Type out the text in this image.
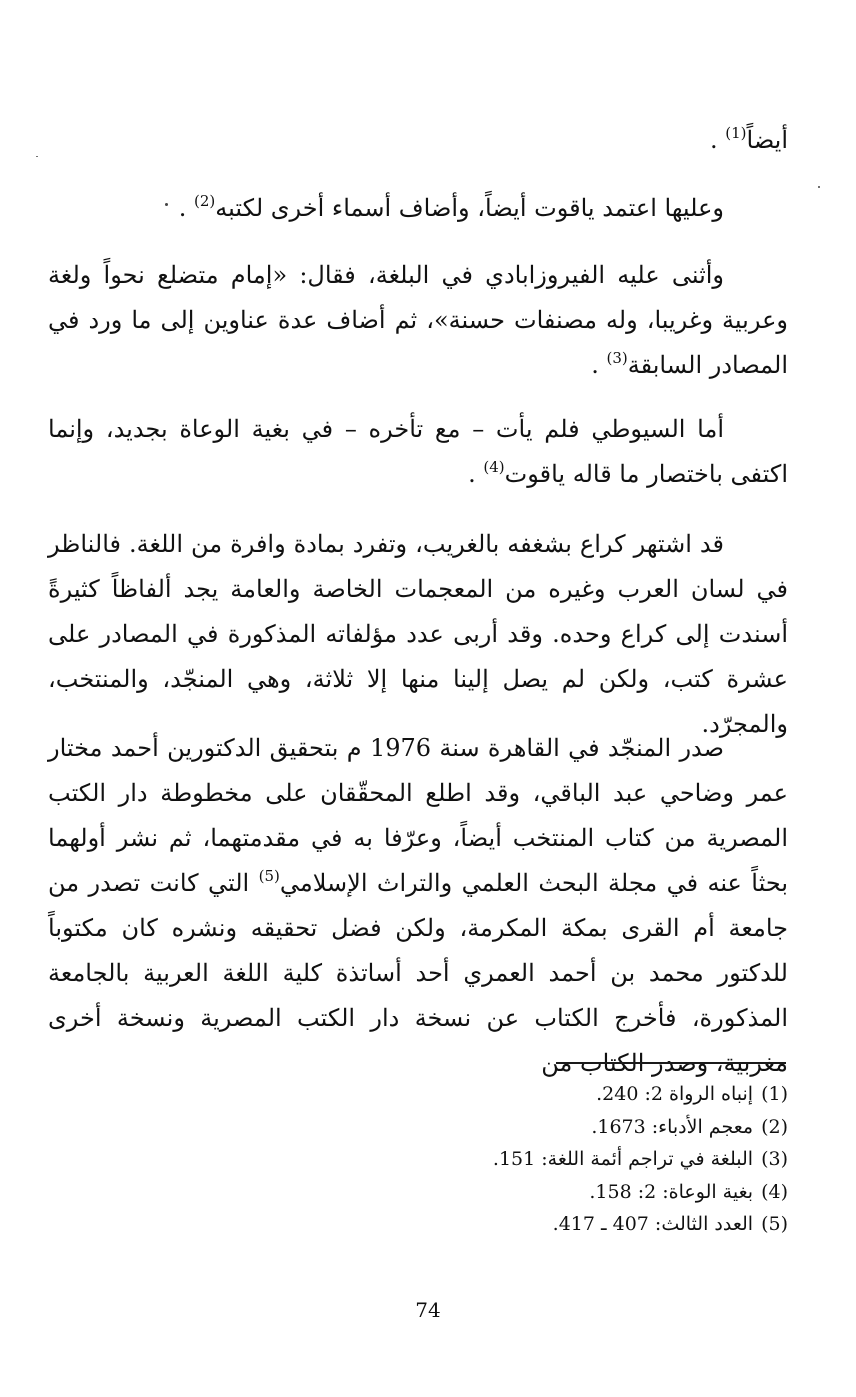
أيضاً$^{(1)}$ .
وعليها اعتمد ياقوت أيضاً، وأضاف أسماء أخرى لكتبه$^{(2)}$ .
وأثنى عليه الفيروزابادي في البلغة، فقال: «إمام متضلع نحواً ولغة وعربية وغريبا، وله مصنفات حسنة»، ثم أضاف عدة عناوين إلى ما ورد في المصادر السابقة$^{(3)}$ .
أما السيوطي فلم يأت – مع تأخره – في بغية الوعاة بجديد، وإنما اكتفى باختصار ما قاله ياقوت$^{(4)}$ .
قد اشتهر كراع بشغفه بالغريب، وتفرد بمادة وافرة من اللغة. فالناظر في لسان العرب وغيره من المعجمات الخاصة والعامة يجد ألفاظاً كثيرةً أسندت إلى كراع وحده. وقد أربى عدد مؤلفاته المذكورة في المصادر على عشرة كتب، ولكن لم يصل إلينا منها إلا ثلاثة، وهي المنجّد، والمنتخب، والمجرّد.
صدر المنجّد في القاهرة سنة 1976 م بتحقيق الدكتورين أحمد مختار عمر وضاحي عبد الباقي، وقد اطلع المحقّقان على مخطوطة دار الكتب المصرية من كتاب المنتخب أيضاً، وعرّفا به في مقدمتهما، ثم نشر أولهما بحثاً عنه في مجلة البحث العلمي والتراث الإسلامي$^{(5)}$ التي كانت تصدر من جامعة أم القرى بمكة المكرمة، ولكن فضل تحقيقه ونشره كان مكتوباً للدكتور محمد بن أحمد العمري أحد أساتذة كلية اللغة العربية بالجامعة المذكورة، فأخرج الكتاب عن نسخة دار الكتب المصرية ونسخة أخرى مغربية، وصدر الكتاب من
(1)إنباه الرواة 2: 240.
(2)معجم الأدباء: 1673.
(3)البلغة في تراجم أئمة اللغة: 151.
(4)بغية الوعاة: 2: 158.
(5)العدد الثالث: 407 ـ 417.
74
